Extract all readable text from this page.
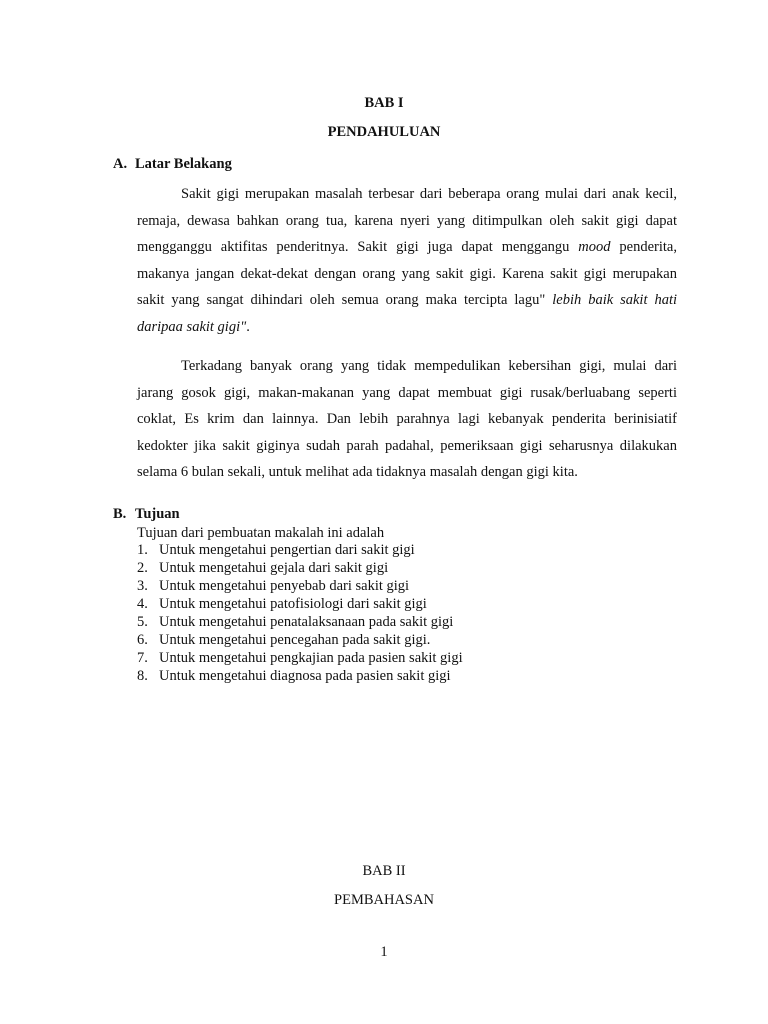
BAB I
PENDAHULUAN
A. Latar Belakang

Sakit gigi merupakan masalah terbesar dari beberapa orang mulai dari anak kecil, remaja, dewasa bahkan orang tua, karena nyeri yang ditimpulkan oleh sakit gigi dapat mengganggu aktifitas penderitnya. Sakit gigi juga dapat menggangu mood penderita, makanya jangan dekat-dekat dengan orang yang sakit gigi. Karena sakit gigi merupakan sakit yang sangat dihindari oleh semua orang maka tercipta lagu" lebih baik sakit hati daripaa sakit gigi".

Terkadang banyak orang yang tidak mempedulikan kebersihan gigi, mulai dari jarang gosok gigi, makan-makanan yang dapat membuat gigi rusak/berluabang seperti coklat, Es krim dan lainnya. Dan lebih parahnya lagi kebanyak penderita berinisiatif kedokter jika sakit giginya sudah parah padahal, pemeriksaan gigi seharusnya dilakukan selama 6 bulan sekali, untuk melihat ada tidaknya masalah dengan gigi kita.

B. Tujuan
Tujuan dari pembuatan makalah ini adalah
1. Untuk mengetahui pengertian dari sakit gigi
2. Untuk mengetahui gejala dari sakit gigi
3. Untuk mengetahui penyebab dari sakit gigi
4. Untuk mengetahui patofisiologi dari sakit gigi
5. Untuk mengetahui penatalaksanaan pada sakit gigi
6. Untuk mengetahui pencegahan pada sakit gigi.
7. Untuk mengetahui pengkajian pada pasien sakit gigi
8. Untuk mengetahui diagnosa pada pasien sakit gigi
BAB II
PEMBAHASAN
1
